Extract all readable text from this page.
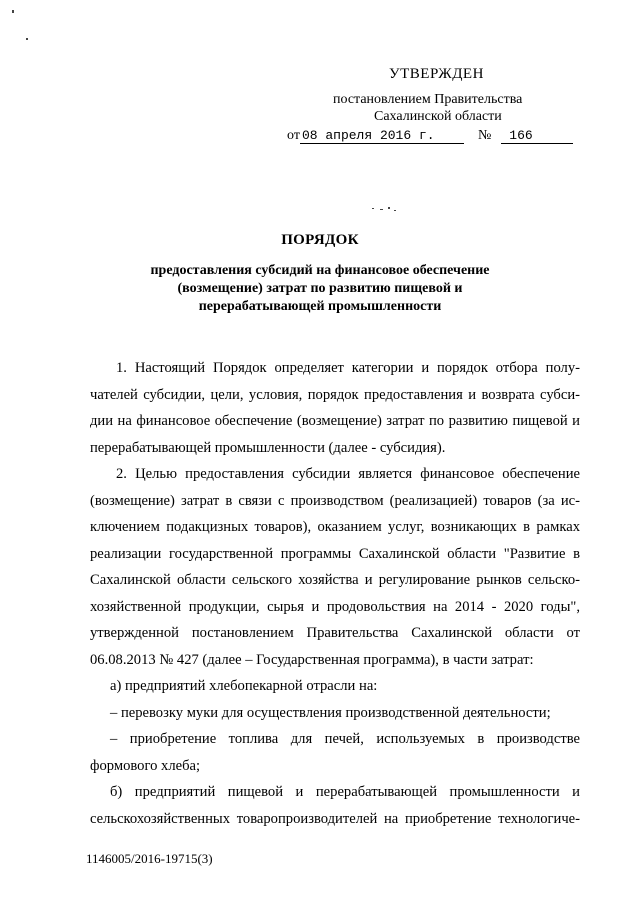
УТВЕРЖДЕН
постановлением Правительства
Сахалинской области
от 08 апреля 2016 г.	№ 166
ПОРЯДОК
предоставления субсидий на финансовое обеспечение
(возмещение) затрат по развитию пищевой и
перерабатывающей промышленности
1. Настоящий Порядок определяет категории и порядок отбора полу-
чателей субсидии, цели, условия, порядок предоставления и возврата субси-
дии на финансовое обеспечение (возмещение) затрат по развитию пищевой и
перерабатывающей промышленности (далее - субсидия).
2. Целью предоставления субсидии является финансовое обеспечение
(возмещение) затрат в связи с производством (реализацией) товаров (за ис-
ключением подакцизных товаров), оказанием услуг, возникающих в рамках
реализации государственной программы Сахалинской области "Развитие в
Сахалинской области сельского хозяйства и регулирование рынков сельско-
хозяйственной продукции, сырья и продовольствия на 2014 - 2020 годы",
утвержденной постановлением Правительства Сахалинской области от
06.08.2013 № 427 (далее – Государственная программа), в части затрат:
а) предприятий хлебопекарной отрасли на:
– перевозку муки для осуществления производственной деятельности;
– приобретение топлива для печей, используемых в производстве
формового хлеба;
б) предприятий пищевой и перерабатывающей промышленности и
сельскохозяйственных товаропроизводителей на приобретение технологиче-
1146005/2016-19715(3)
